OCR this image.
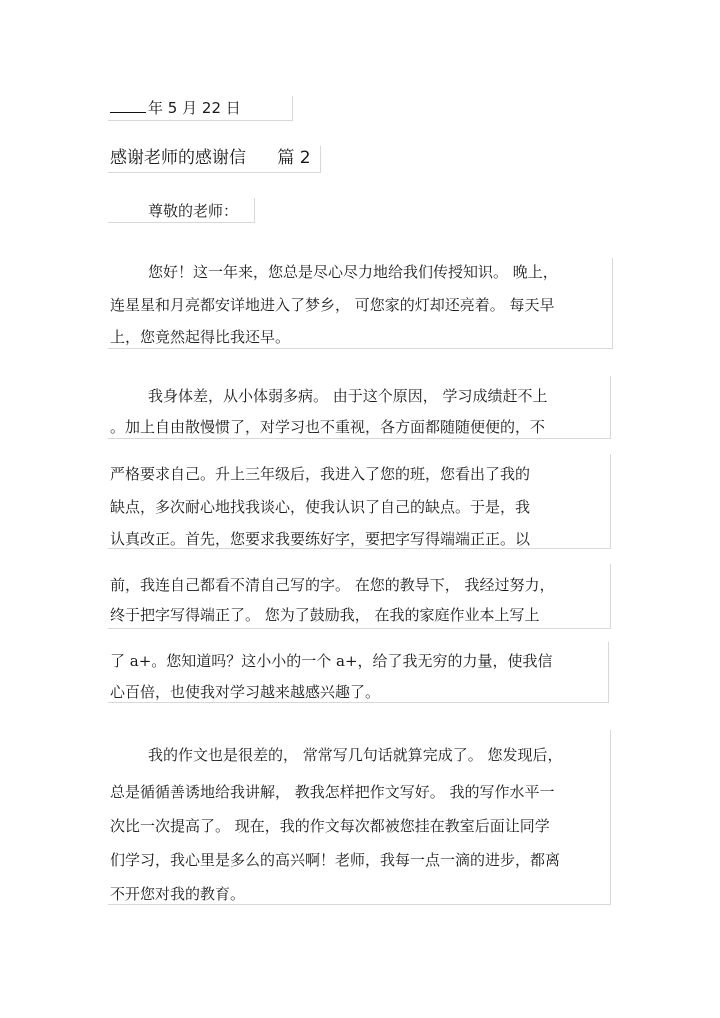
年 5 月 22 日
感谢老师的感谢信 篇 2
尊敬的老师：
您好！这一年来，您总是尽心尽力地给我们传授知识。 晚上，
连星星和月亮都安详地进入了梦乡， 可您家的灯却还亮着。 每天早
上，您竟然起得比我还早。
我身体差，从小体弱多病。 由于这个原因， 学习成绩赶不上
。加上自由散慢惯了，对学习也不重视，各方面都随随便便的，不
严格要求自己。升上三年级后，我进入了您的班，您看出了我的
缺点，多次耐心地找我谈心，使我认识了自己的缺点。于是，我
认真改正。首先，您要求我要练好字，要把字写得端端正正。以
前，我连自己都看不清自己写的字。 在您的教导下， 我经过努力，
终于把字写得端正了。 您为了鼓励我， 在我的家庭作业本上写上
了 a+。您知道吗？这小小的一个 a+，给了我无穷的力量，使我信
心百倍，也使我对学习越来越感兴趣了。
我的作文也是很差的， 常常写几句话就算完成了。 您发现后，
总是循循善诱地给我讲解， 教我怎样把作文写好。 我的写作水平一
次比一次提高了。 现在，我的作文每次都被您挂在教室后面让同学
们学习，我心里是多么的高兴啊！老师，我每一点一滴的进步，都离
不开您对我的教育。
